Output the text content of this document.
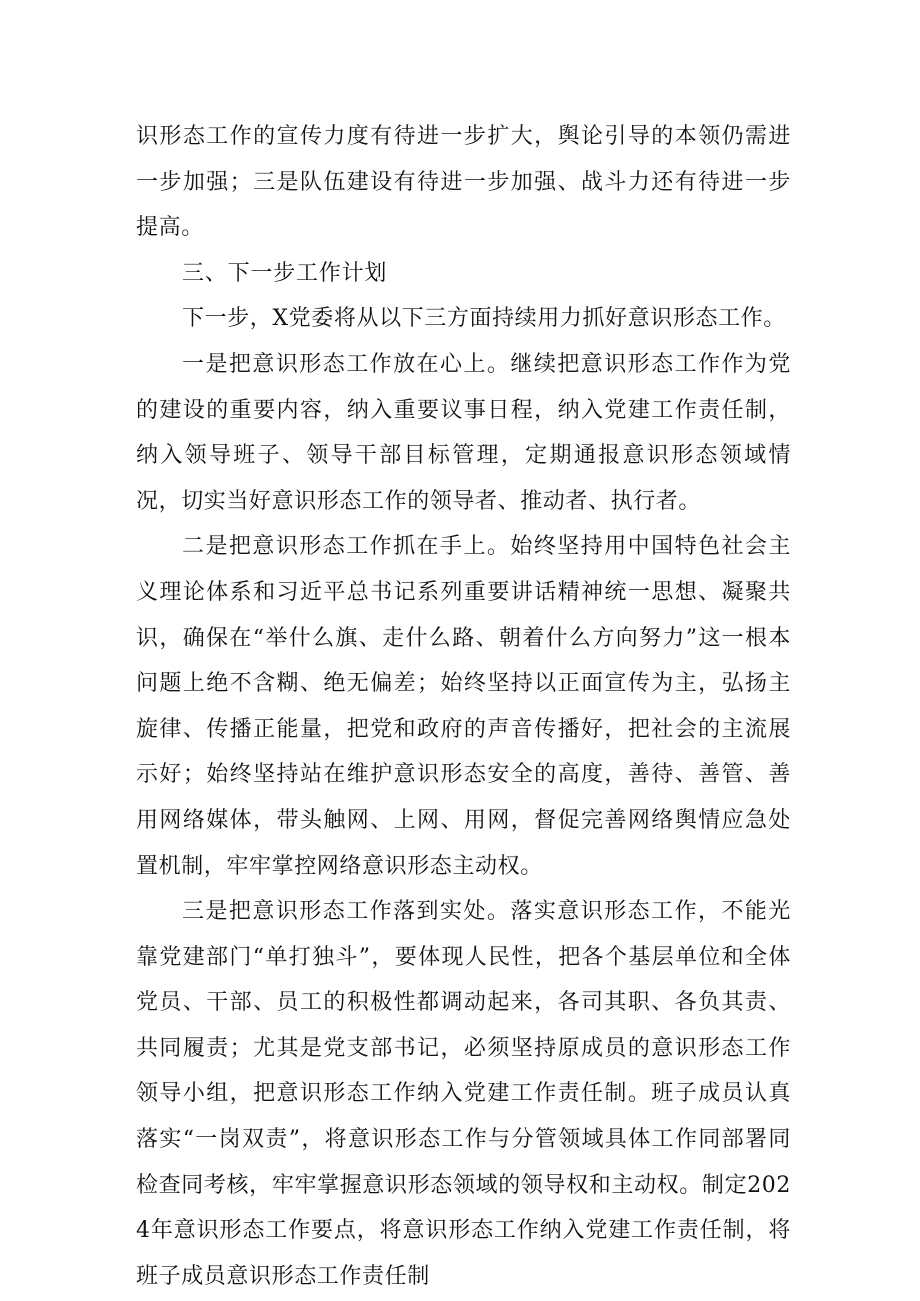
识形态工作的宣传力度有待进一步扩大，舆论引导的本领仍需进一步加强；三是队伍建设有待进一步加强、战斗力还有待进一步提高。

三、下一步工作计划

下一步，X党委将从以下三方面持续用力抓好意识形态工作。

一是把意识形态工作放在心上。继续把意识形态工作作为党的建设的重要内容，纳入重要议事日程，纳入党建工作责任制，纳入领导班子、领导干部目标管理，定期通报意识形态领域情况，切实当好意识形态工作的领导者、推动者、执行者。

二是把意识形态工作抓在手上。始终坚持用中国特色社会主义理论体系和习近平总书记系列重要讲话精神统一思想、凝聚共识，确保在“举什么旗、走什么路、朝着什么方向努力”这一根本问题上绝不含糊、绝无偏差；始终坚持以正面宣传为主，弘扬主旋律、传播正能量，把党和政府的声音传播好，把社会的主流展示好；始终坚持站在维护意识形态安全的高度，善待、善管、善用网络媒体，带头触网、上网、用网，督促完善网络舆情应急处置机制，牢牢掌控网络意识形态主动权。

三是把意识形态工作落到实处。落实意识形态工作，不能光靠党建部门“单打独斗”，要体现人民性，把各个基层单位和全体党员、干部、员工的积极性都调动起来，各司其职、各负其责、共同履责；尤其是党支部书记，必须坚持原成员的意识形态工作领导小组，把意识形态工作纳入党建工作责任制。班子成员认真落实“一岗双责”，将意识形态工作与分管领域具体工作同部署同检查同考核，牢牢掌握意识形态领域的领导权和主动权。制定2024年意识形态工作要点，将意识形态工作纳入党建工作责任制，将班子成员意识形态工作责任制
